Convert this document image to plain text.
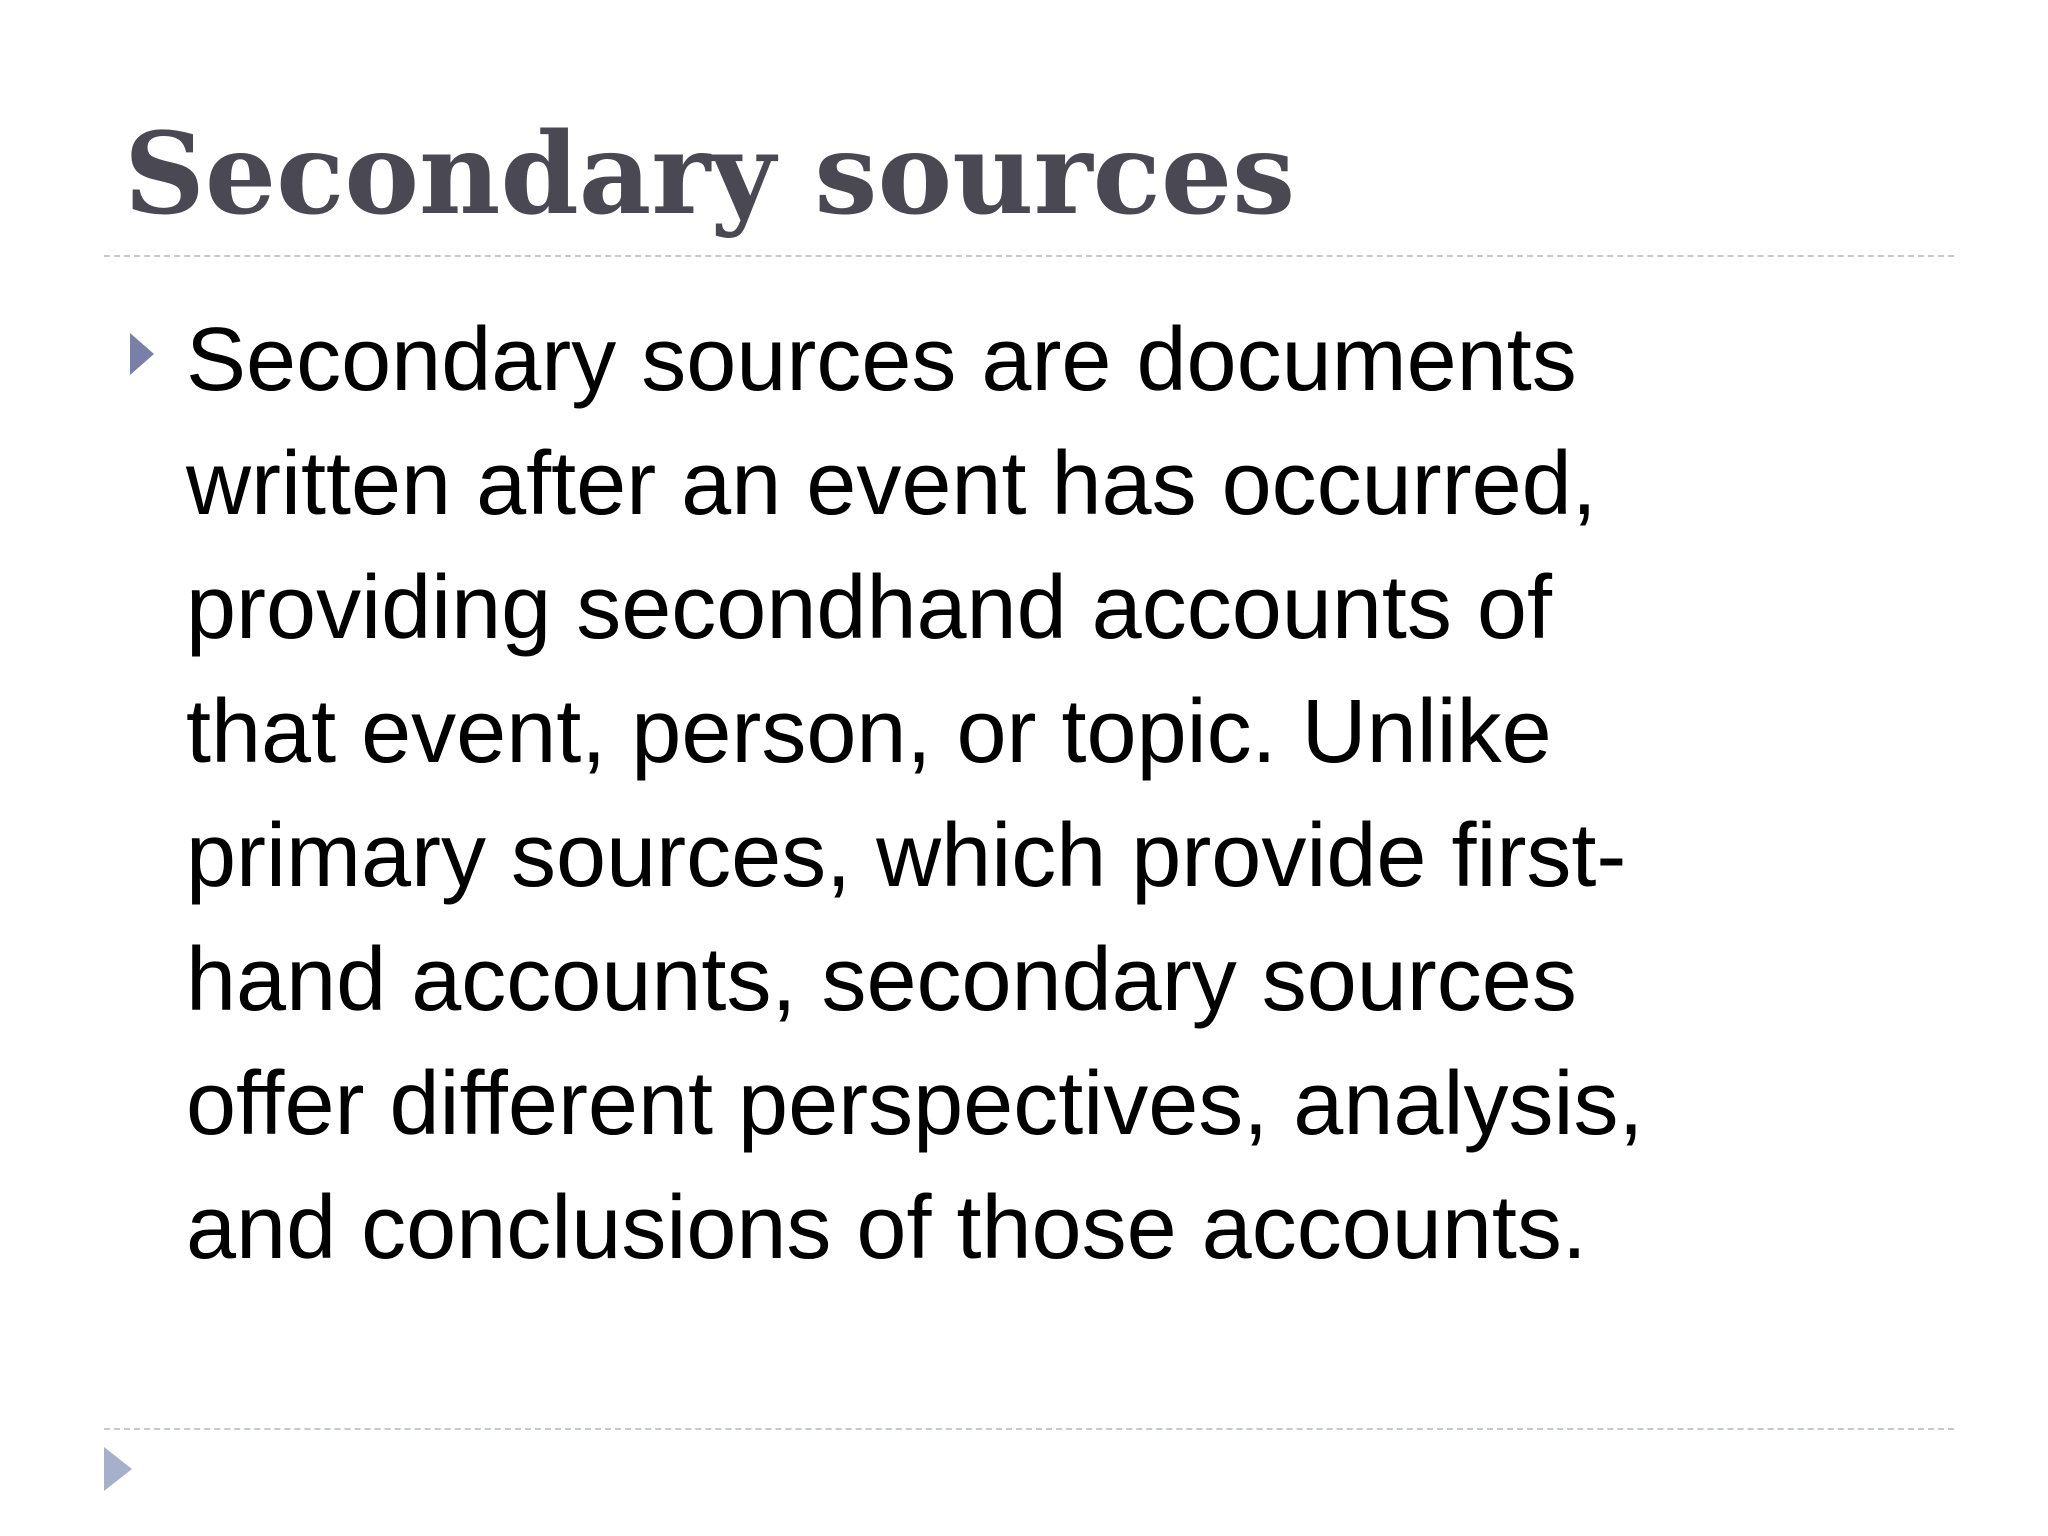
Secondary sources

Secondary sources are documents
written after an event has occurred,
providing secondhand accounts of
that event, person, or topic. Unlike
primary sources, which provide first-
hand accounts, secondary sources
offer different perspectives, analysis,
and conclusions of those accounts.
